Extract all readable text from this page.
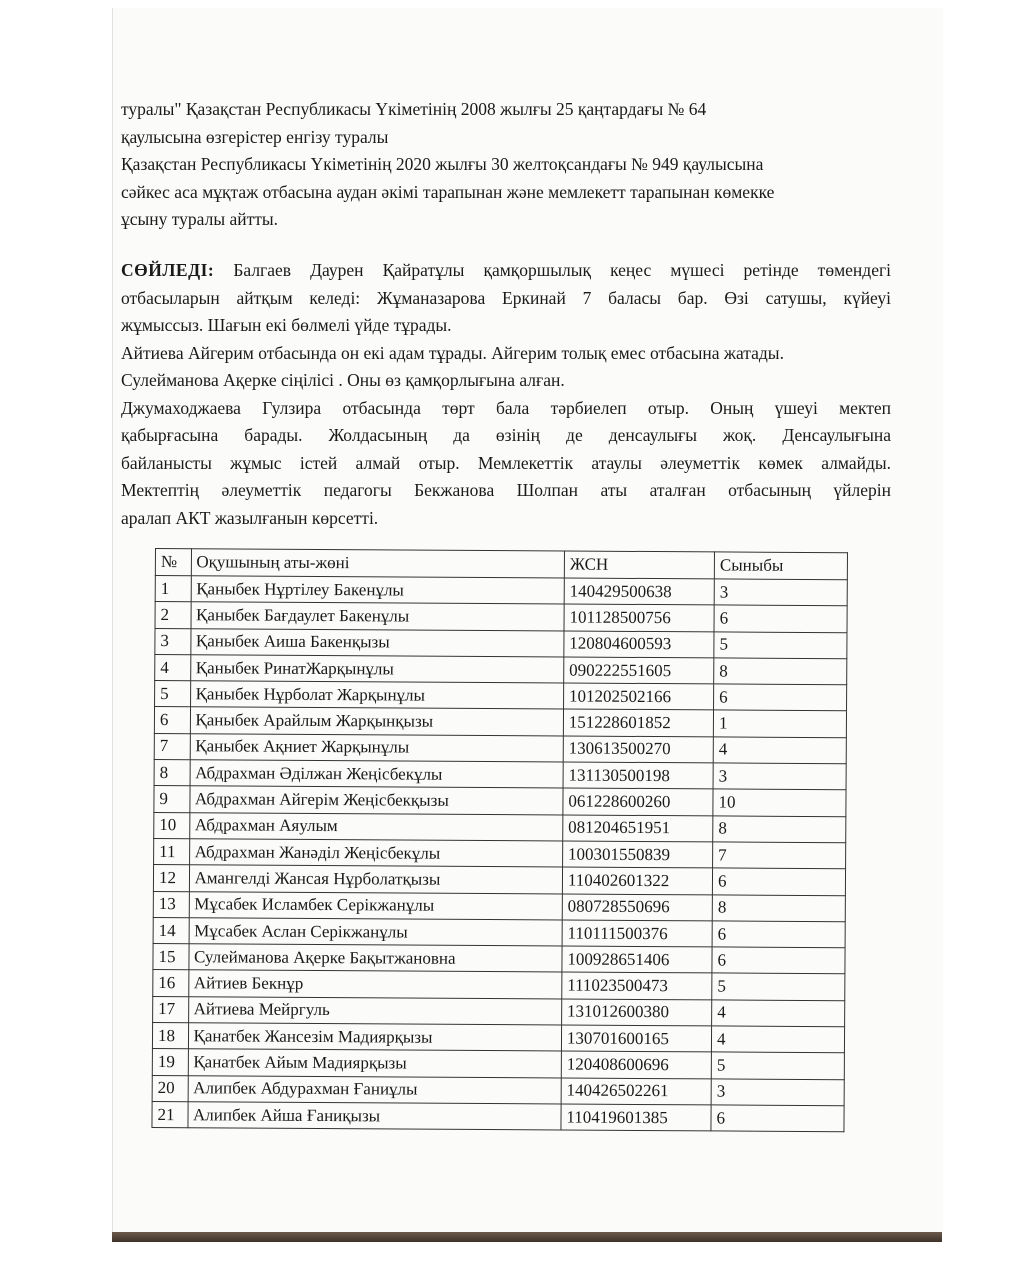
туралы" Қазақстан Республикасы Үкіметінің 2008 жылғы 25 қаңтардағы № 64
қаулысына өзгерістер енгізу туралы
Қазақстан Республикасы Үкіметінің 2020 жылғы 30 желтоқсандағы № 949 қаулысына
сәйкес аса мұқтаж отбасына аудан әкімі тарапынан және мемлекетт тарапынан көмекке
ұсыну туралы айтты.
СӨЙЛЕДІ: Балгаев Даурен Қайратұлы қамқоршылық кеңес мүшесі ретінде төмендегі
отбасыларын айтқым келеді: Жұманазарова Еркинай 7 баласы бар. Өзі сатушы, күйеуі
жұмыссыз. Шағын екі бөлмелі үйде тұрады.
Айтиева Айгерим отбасында он екі адам тұрады. Айгерим толық емес отбасына жатады.
Сулейманова Ақерке сіңілісі . Оны өз қамқорлығына алған.
Джумаходжаева Гулзира отбасында төрт бала тәрбиелеп отыр. Оның үшеуі мектеп
қабырғасына барады. Жолдасының да өзінің де денсаулығы жоқ. Денсаулығына
байланысты жұмыс істей алмай отыр. Мемлекеттік атаулы әлеуметтік көмек алмайды.
Мектептің әлеуметтік педагогы Бекжанова Шолпан аты аталған отбасының үйлерін
аралап АКТ жазылғанын көрсетті.
№	Оқушының аты-жөні	ЖСН	Сыныбы
1	Қаныбек Нұртілеу Бакенұлы	140429500638	3
2	Қаныбек Бағдаулет Бакенұлы	101128500756	6
3	Қаныбек Аиша Бакенқызы	120804600593	5
4	Қаныбек РинатЖарқынұлы	090222551605	8
5	Қаныбек Нұрболат Жарқынұлы	101202502166	6
6	Қаныбек Арайлым Жарқынқызы	151228601852	1
7	Қаныбек Ақниет Жарқынұлы	130613500270	4
8	Абдрахман Әділжан Жеңісбекұлы	131130500198	3
9	Абдрахман Айгерім Жеңісбекқызы	061228600260	10
10	Абдрахман Аяулым	081204651951	8
11	Абдрахман Жанәділ Жеңісбекұлы	100301550839	7
12	Амангелді Жансая Нұрболатқызы	110402601322	6
13	Мұсабек Исламбек Серікжанұлы	080728550696	8
14	Мұсабек Аслан Серікжанұлы	110111500376	6
15	Сулейманова Ақерке Бақытжановна	100928651406	6
16	Айтиев Бекнұр	111023500473	5
17	Айтиева Мейргуль	131012600380	4
18	Қанатбек Жансезім Мадиярқызы	130701600165	4
19	Қанатбек Айым Мадиярқызы	120408600696	5
20	Алипбек Абдурахман Ғаниұлы	140426502261	3
21	Алипбек Айша Ғаниқызы	110419601385	6
